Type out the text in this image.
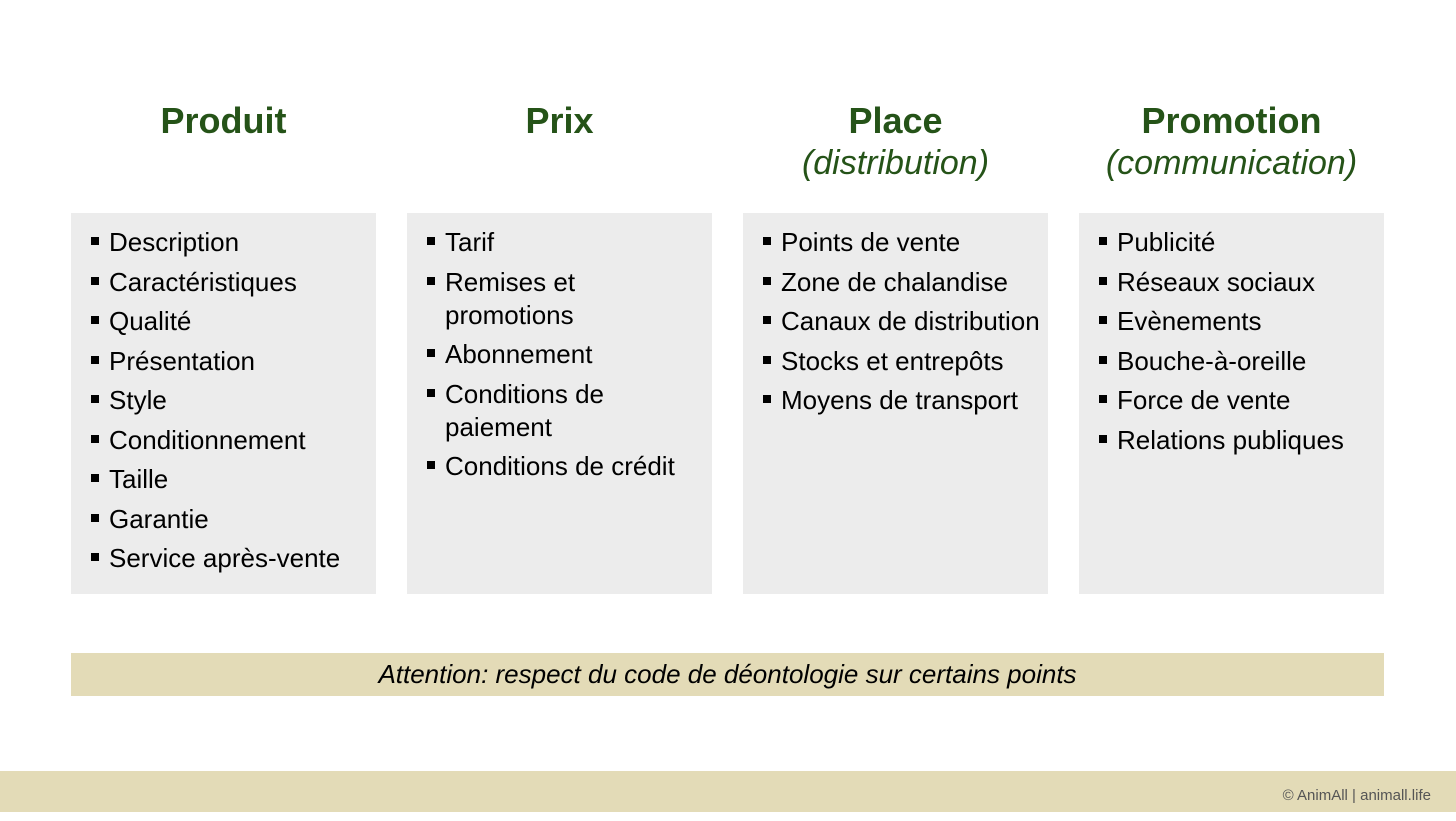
Produit
Description
Caractéristiques
Qualité
Présentation
Style
Conditionnement
Taille
Garantie
Service après-vente
Prix
Tarif
Remises et promotions
Abonnement
Conditions de paiement
Conditions de crédit
Place
(distribution)
Points de vente
Zone de chalandise
Canaux de distribution
Stocks et entrepôts
Moyens de transport
Promotion
(communication)
Publicité
Réseaux sociaux
Evènements
Bouche-à-oreille
Force de vente
Relations publiques
Attention: respect du code de déontologie sur certains points
© AnimAll | animall.life
